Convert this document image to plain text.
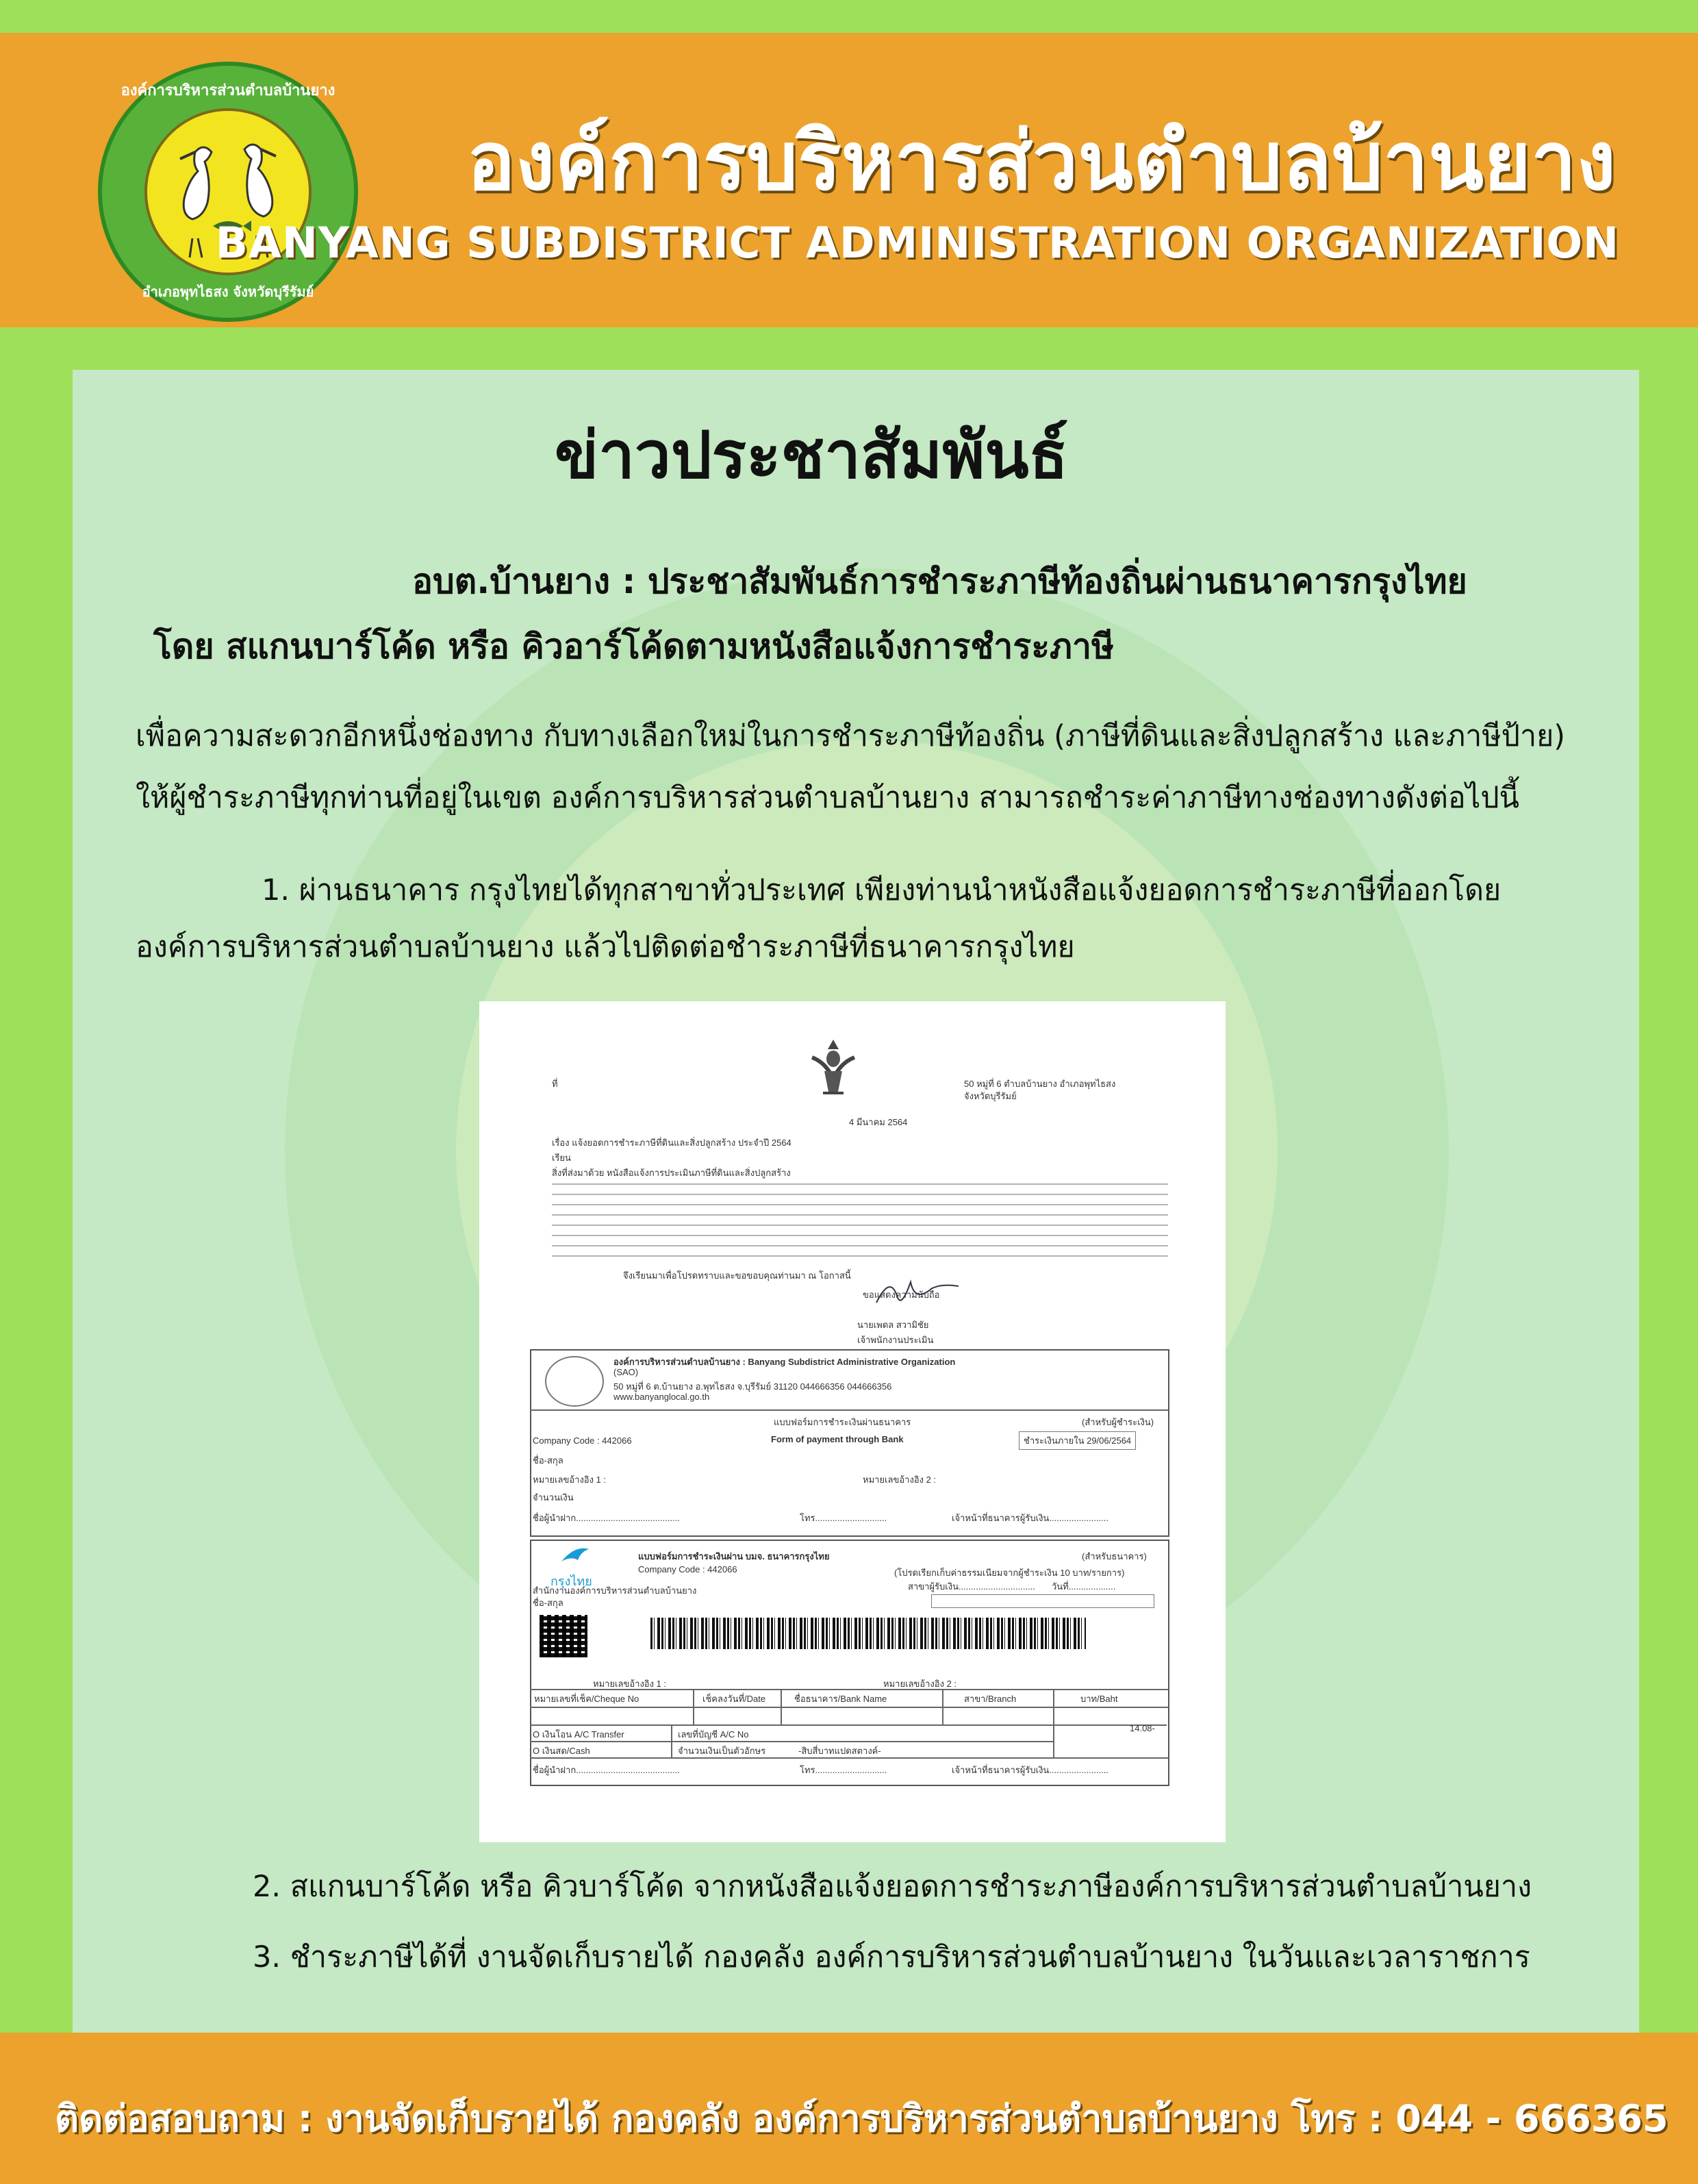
องค์การบริหารส่วนตำบลบ้านยาง
อำเภอพุทไธสง จังหวัดบุรีรัมย์
องค์การบริหารส่วนตำบลบ้านยาง
BANYANG SUBDISTRICT ADMINISTRATION ORGANIZATION
ข่าวประชาสัมพันธ์
อบต.บ้านยาง : ประชาสัมพันธ์การชำระภาษีท้องถิ่นผ่านธนาคารกรุงไทย
โดย สแกนบาร์โค้ด หรือ คิวอาร์โค้ดตามหนังสือแจ้งการชำระภาษี
เพื่อความสะดวกอีกหนึ่งช่องทาง กับทางเลือกใหม่ในการชำระภาษีท้องถิ่น (ภาษีที่ดินและสิ่งปลูกสร้าง และภาษีป้าย)
ให้ผู้ชำระภาษีทุกท่านที่อยู่ในเขต องค์การบริหารส่วนตำบลบ้านยาง สามารถชำระค่าภาษีทางช่องทางดังต่อไปนี้
1. ผ่านธนาคาร กรุงไทยได้ทุกสาขาทั่วประเทศ เพียงท่านนำหนังสือแจ้งยอดการชำระภาษีที่ออกโดย
องค์การบริหารส่วนตำบลบ้านยาง แล้วไปติดต่อชำระภาษีที่ธนาคารกรุงไทย
ที่	50 หมู่ที่ 6 ตำบลบ้านยาง อำเภอพุทไธสง
จังหวัดบุรีรัมย์
4 มีนาคม 2564
เรื่อง แจ้งยอดการชำระภาษีที่ดินและสิ่งปลูกสร้าง ประจำปี 2564
เรียน
สิ่งที่ส่งมาด้วย หนังสือแจ้งการประเมินภาษีที่ดินและสิ่งปลูกสร้าง
จึงเรียนมาเพื่อโปรดทราบและขอขอบคุณท่านมา ณ โอกาสนี้
ขอแสดงความนับถือ
นายเพดล สวามิชัย
เจ้าพนักงานประเมิน
องค์การบริหารส่วนตำบลบ้านยาง : Banyang Subdistrict Administrative Organization
(SAO)
50 หมู่ที่ 6 ต.บ้านยาง อ.พุทไธสง จ.บุรีรัมย์ 31120 044666356 044666356
www.banyanglocal.go.th
แบบฟอร์มการชำระเงินผ่านธนาคาร	(สำหรับผู้ชำระเงิน)
Company Code : 442066	Form of payment through Bank	ชำระเงินภายใน 29/06/2564
ชื่อ-สกุล
หมายเลขอ้างอิง 1 :	หมายเลขอ้างอิง 2 :
จำนวนเงิน
ชื่อผู้นำฝาก..........................................	โทร.............................	เจ้าหน้าที่ธนาคารผู้รับเงิน........................
กรุงไทย
แบบฟอร์มการชำระเงินผ่าน บมจ. ธนาคารกรุงไทย	(สำหรับธนาคาร)
Company Code : 442066	(โปรดเรียกเก็บค่าธรรมเนียมจากผู้ชำระเงิน 10 บาท/รายการ)
สาขาผู้รับเงิน............................... วันที่...................
สำนักงานองค์การบริหารส่วนตำบลบ้านยาง
ชื่อ-สกุล
หมายเลขอ้างอิง 1 :	หมายเลขอ้างอิง 2 :
หมายเลขที่เช็ค/Cheque No	เช็คลงวันที่/Date	ชื่อธนาคาร/Bank Name	สาขา/Branch	บาท/Baht
O เงินโอน A/C Transfer	เลขที่บัญชี A/C No
14.08-
O เงินสด/Cash	จำนวนเงินเป็นตัวอักษร	-สิบสี่บาทแปดสตางค์-
ชื่อผู้นำฝาก..........................................	โทร.............................	เจ้าหน้าที่ธนาคารผู้รับเงิน........................
2. สแกนบาร์โค้ด หรือ คิวบาร์โค้ด จากหนังสือแจ้งยอดการชำระภาษีองค์การบริหารส่วนตำบลบ้านยาง
3. ชำระภาษีได้ที่ งานจัดเก็บรายได้ กองคลัง องค์การบริหารส่วนตำบลบ้านยาง ในวันและเวลาราชการ
ติดต่อสอบถาม : งานจัดเก็บรายได้ กองคลัง องค์การบริหารส่วนตำบลบ้านยาง โทร : 044 - 666365
